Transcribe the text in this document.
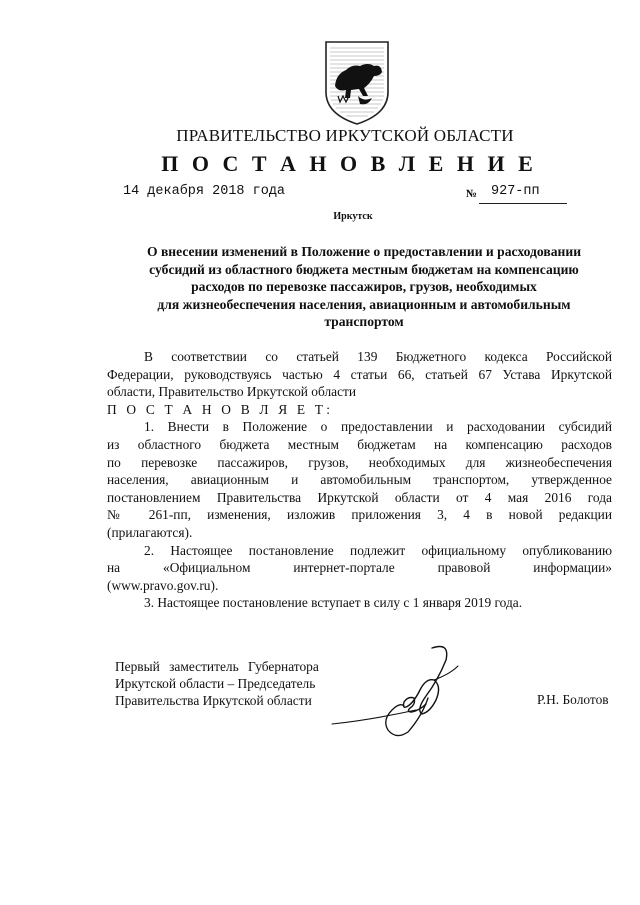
ПРАВИТЕЛЬСТВО ИРКУТСКОЙ ОБЛАСТИ
П О С Т А Н О В Л Е Н И Е
14 декабря 2018 года	№	927-пп
Иркутск
О внесении изменений в Положение о предоставлении и расходовании
субсидий из областного бюджета местным бюджетам на компенсацию
расходов по перевозке пассажиров, грузов, необходимых
для жизнеобеспечения населения, авиационным и автомобильным
транспортом
В соответствии со статьей 139 Бюджетного кодекса Российской
Федерации, руководствуясь частью 4 статьи 66, статьей 67 Устава Иркутской
области, Правительство Иркутской области
П О С Т А Н О В Л Я Е Т:
1. Внести в Положение о предоставлении и расходовании субсидий
из областного бюджета местным бюджетам на компенсацию расходов
по перевозке пассажиров, грузов, необходимых для жизнеобеспечения
населения, авиационным и автомобильным транспортом, утвержденное
постановлением Правительства Иркутской области от 4 мая 2016 года
№ 261-пп, изменения, изложив приложения 3, 4 в новой редакции
(прилагаются).
2. Настоящее постановление подлежит официальному опубликованию
на «Официальном интернет-портале правовой информации»
(www.pravo.gov.ru).
3. Настоящее постановление вступает в силу с 1 января 2019 года.
Первый заместитель Губернатора
Иркутской области – Председатель
Правительства Иркутской области	Р.Н. Болотов
